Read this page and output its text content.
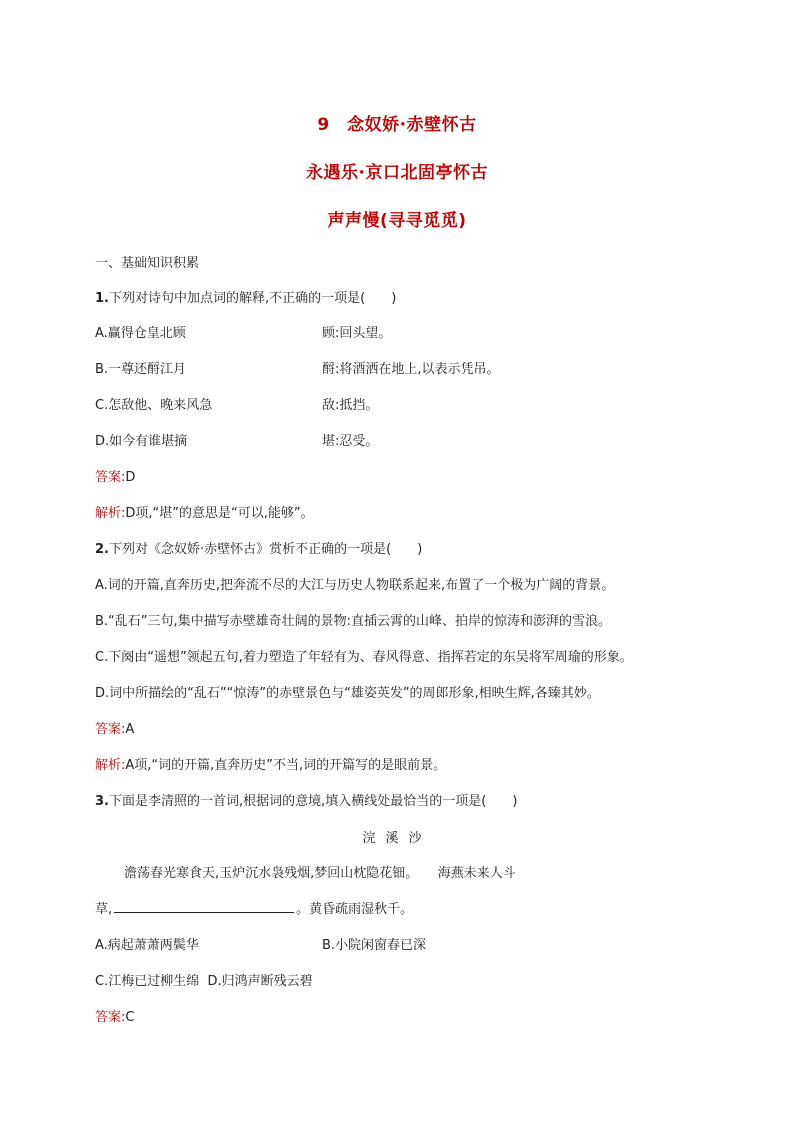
9　念奴娇·赤壁怀古
永遇乐·京口北固亭怀古
声声慢(寻寻觅觅)
一、基础知识积累
1.下列对诗句中加点词的解释,不正确的一项是(　　)
A.赢得仓皇北顾	顾:回头望。
B.一尊还酹江月	酹:将酒洒在地上,以表示凭吊。
C.怎敌他、晚来风急	敌:抵挡。
D.如今有谁堪摘	堪:忍受。
答案:D
解析:D项,“堪”的意思是“可以,能够”。
2.下列对《念奴娇·赤壁怀古》赏析不正确的一项是(　　)
A.词的开篇,直奔历史,把奔流不尽的大江与历史人物联系起来,布置了一个极为广阔的背景。
B.“乱石”三句,集中描写赤壁雄奇壮阔的景物:直插云霄的山峰、拍岸的惊涛和澎湃的雪浪。
C.下阕由“遥想”领起五句,着力塑造了年轻有为、春风得意、指挥若定的东吴将军周瑜的形象。
D.词中所描绘的“乱石”“惊涛”的赤壁景色与“雄姿英发”的周郎形象,相映生辉,各臻其妙。
答案:A
解析:A项,“词的开篇,直奔历史”不当,词的开篇写的是眼前景。
3.下面是李清照的一首词,根据词的意境,填入横线处最恰当的一项是(　　)
浣溪沙
澹荡春光寒食天,玉炉沉水袅残烟,梦回山枕隐花钿。　　海燕未来人斗
草,	。黄昏疏雨湿秋千。
A.病起萧萧两鬓华	B.小院闲窗春已深
C.江梅已过柳生绵 D.归鸿声断残云碧
答案:C
